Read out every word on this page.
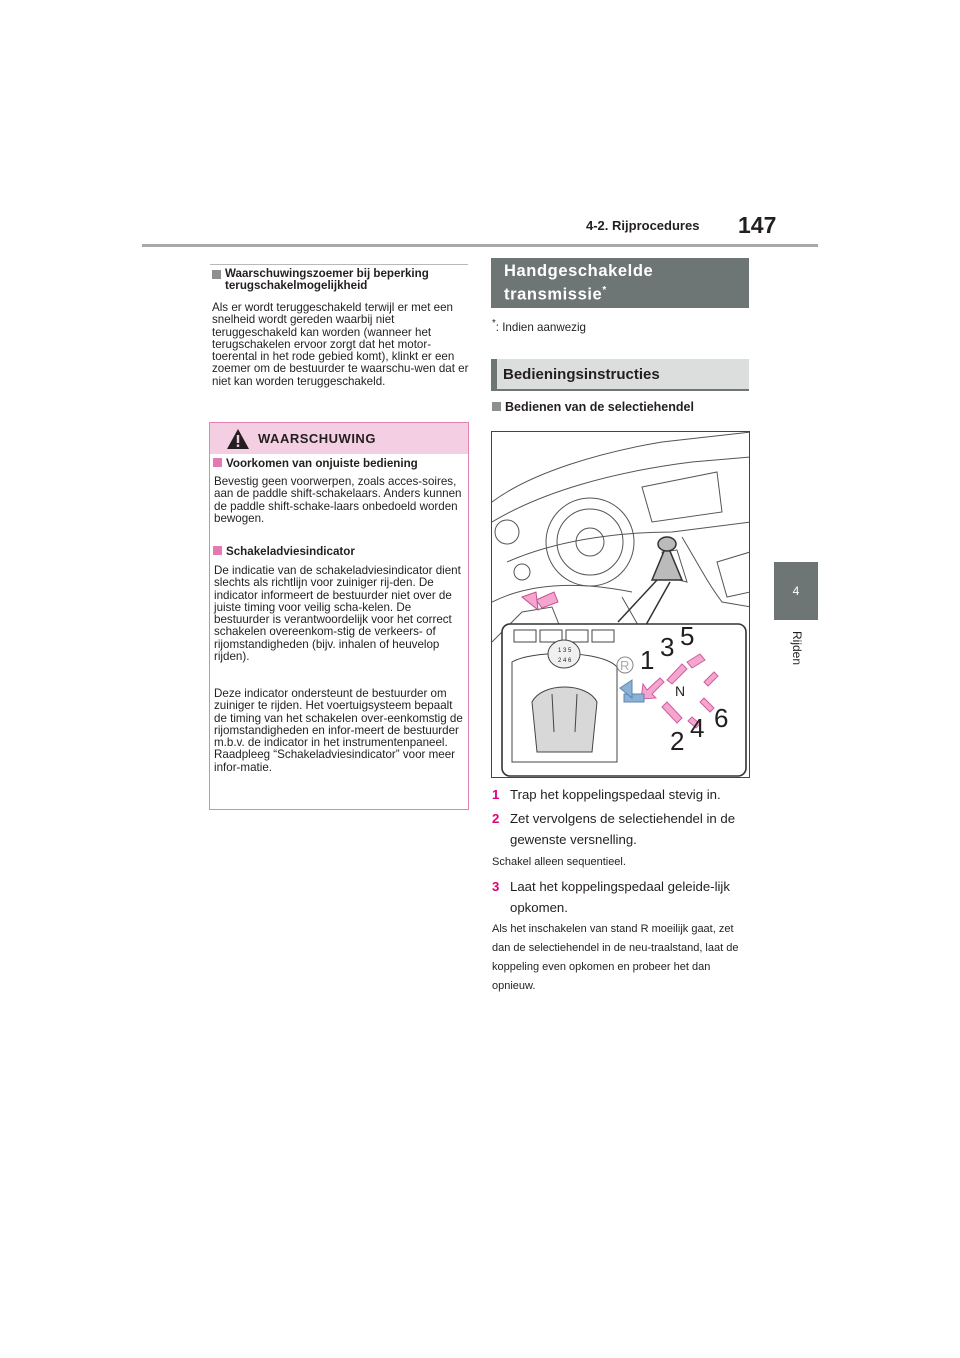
4-2. Rijprocedures 147
4
Rijden
Waarschuwingszoemer bij beperking terugschakelmogelijkheid
Als er wordt teruggeschakeld terwijl er met een snelheid wordt gereden waarbij niet teruggeschakeld kan worden (wanneer het terugschakelen ervoor zorgt dat het motor-toerental in het rode gebied komt), klinkt er een zoemer om de bestuurder te waarschu-wen dat er niet kan worden teruggeschakeld.
WAARSCHUWING
Voorkomen van onjuiste bediening
Bevestig geen voorwerpen, zoals acces-soires, aan de paddle shift-schakelaars. Anders kunnen de paddle shift-schake-laars onbedoeld worden bewogen.
Schakeladviesindicator
De indicatie van de schakeladviesindicator dient slechts als richtlijn voor zuiniger rij-den. De indicator informeert de bestuurder niet over de juiste timing voor veilig scha-kelen. De bestuurder is verantwoordelijk voor het correct schakelen overeenkom-stig de verkeers- of rijomstandigheden (bijv. inhalen of heuvelop rijden).
Deze indicator ondersteunt de bestuurder om zuiniger te rijden. Het voertuigsysteem bepaalt de timing van het schakelen over-eenkomstig de rijomstandigheden en infor-meert de bestuurder m.b.v. de indicator in het instrumentenpaneel. Raadpleeg “Schakeladviesindicator” voor meer infor-matie.
Handgeschakelde
transmissie*
*: Indien aanwezig
Bedieningsinstructies
Bedienen van de selectiehendel
1 3 5
2 4 6	R 1 3 5
2 4 6
N
1 Trap het koppelingspedaal stevig in.
2 Zet vervolgens de selectiehendel in de gewenste versnelling.
Schakel alleen sequentieel.
3 Laat het koppelingspedaal geleide-lijk opkomen.
Als het inschakelen van stand R moeilijk gaat, zet dan de selectiehendel in de neu-traalstand, laat de koppeling even opkomen en probeer het dan opnieuw.
